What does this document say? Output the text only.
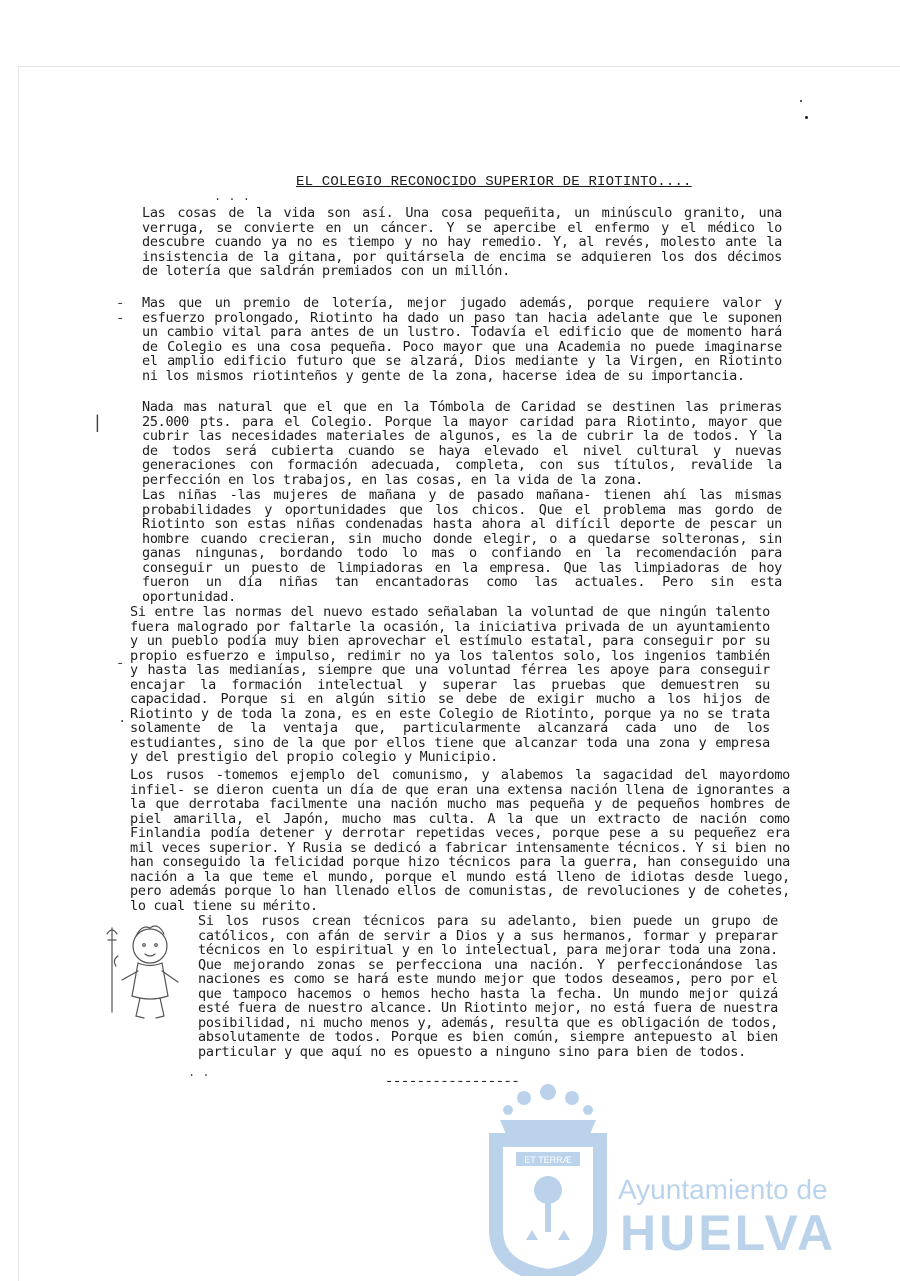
. . .
. .
EL COLEGIO RECONOCIDO SUPERIOR DE RIOTINTO....

Las cosas de la vida son así. Una cosa pequeñita, un minúsculo granito, una verruga, se convierte en un cáncer. Y se apercibe el enfermo y el médico lo descubre cuando ya no es tiempo y no hay remedio. Y, al revés, molesto ante la insistencia de la gitana, por quitársela de encima se adquieren los dos décimos de lotería que saldrán premiados con un millón.

Mas que un premio de lotería, mejor jugado además, porque requiere valor y esfuerzo prolongado, Riotinto ha dado un paso tan hacia adelante que le suponen un cambio vital para antes de un lustro. Todavía el edificio que de momento hará de Colegio es una cosa pequeña. Poco mayor que una Academia no puede imaginarse el amplio edificio futuro que se alzará, Dios mediante y la Virgen, en Riotinto ni los mismos riotinteños y gente de la zona, hacerse idea de su importancia.

Nada mas natural que el que en la Tómbola de Caridad se destinen las primeras 25.000 pts. para el Colegio. Porque la mayor caridad para Riotinto, mayor que cubrir las necesidades materiales de algunos, es la de cubrir la de todos. Y la de todos será cubierta cuando se haya elevado el nivel cultural y nuevas generaciones con formación adecuada, completa, con sus títulos, revalide la perfección en los trabajos, en las cosas, en la vida de la zona.

Las niñas -las mujeres de mañana y de pasado mañana- tienen ahí las mismas probabilidades y oportunidades que los chicos. Que el problema mas gordo de Riotinto son estas niñas condenadas hasta ahora al difícil deporte de pescar un hombre cuando crecieran, sin mucho donde elegir, o a quedarse solteronas, sin ganas ningunas, bordando todo lo mas o confiando en la recomendación para conseguir un puesto de limpiadoras en la empresa. Que las limpiadoras de hoy fueron un día niñas tan encantadoras como las actuales. Pero sin esta oportunidad.

Si entre las normas del nuevo estado señalaban la voluntad de que ningún talento fuera malogrado por faltarle la ocasión, la iniciativa privada de un ayuntamiento y un pueblo podía muy bien aprovechar el estímulo estatal, para conseguir por su propio esfuerzo e impulso, redimir no ya los talentos solo, los ingenios también y hasta las medianías, siempre que una voluntad férrea les apoye para conseguir encajar la formación intelectual y superar las pruebas que demuestren su capacidad. Porque si en algún sitio se debe de exigir mucho a los hijos de Riotinto y de toda la zona, es en este Colegio de Riotinto, porque ya no se trata solamente de la ventaja que, particularmente alcanzará cada uno de los estudiantes, sino de la que por ellos tiene que alcanzar toda una zona y empresa y del prestigio del propio colegio y Municipio.

Los rusos -tomemos ejemplo del comunismo, y alabemos la sagacidad del mayordomo infiel- se dieron cuenta un día de que eran una extensa nación llena de ignorantes a la que derrotaba facilmente una nación mucho mas pequeña y de pequeños hombres de piel amarilla, el Japón, mucho mas culta. A la que un extracto de nación como Finlandia podía detener y derrotar repetidas veces, porque pese a su pequeñez era mil veces superior. Y Rusia se dedicó a fabricar intensamente técnicos. Y si bien no han conseguido la felicidad porque hizo técnicos para la guerra, han conseguido una nación a la que teme el mundo, porque el mundo está lleno de idiotas desde luego, pero además porque lo han llenado ellos de comunistas, de revoluciones y de cohetes, lo cual tiene su mérito.

Si los rusos crean técnicos para su adelanto, bien puede un grupo de católicos, con afán de servir a Dios y a sus hermanos, formar y preparar técnicos en lo espiritual y en lo intelectual, para mejorar toda una zona. Que mejorando zonas se perfecciona una nación. Y perfeccionándose las naciones es como se hará este mundo mejor que todos deseamos, pero por el que tampoco hacemos o hemos hecho hasta la fecha. Un mundo mejor quizá esté fuera de nuestro alcance. Un Riotinto mejor, no está fuera de nuestra posibilidad, ni mucho menos y, además, resulta que es obligación de todos, absolutamente de todos. Porque es bien común, siempre antepuesto al bien particular y que aquí no es opuesto a ninguno sino para bien de todos.

-
-
|
-
.
-----------------
ET TERRÆ
PORTUS MARIS	CUSTODIA

Ayuntamiento de

HUELVA
